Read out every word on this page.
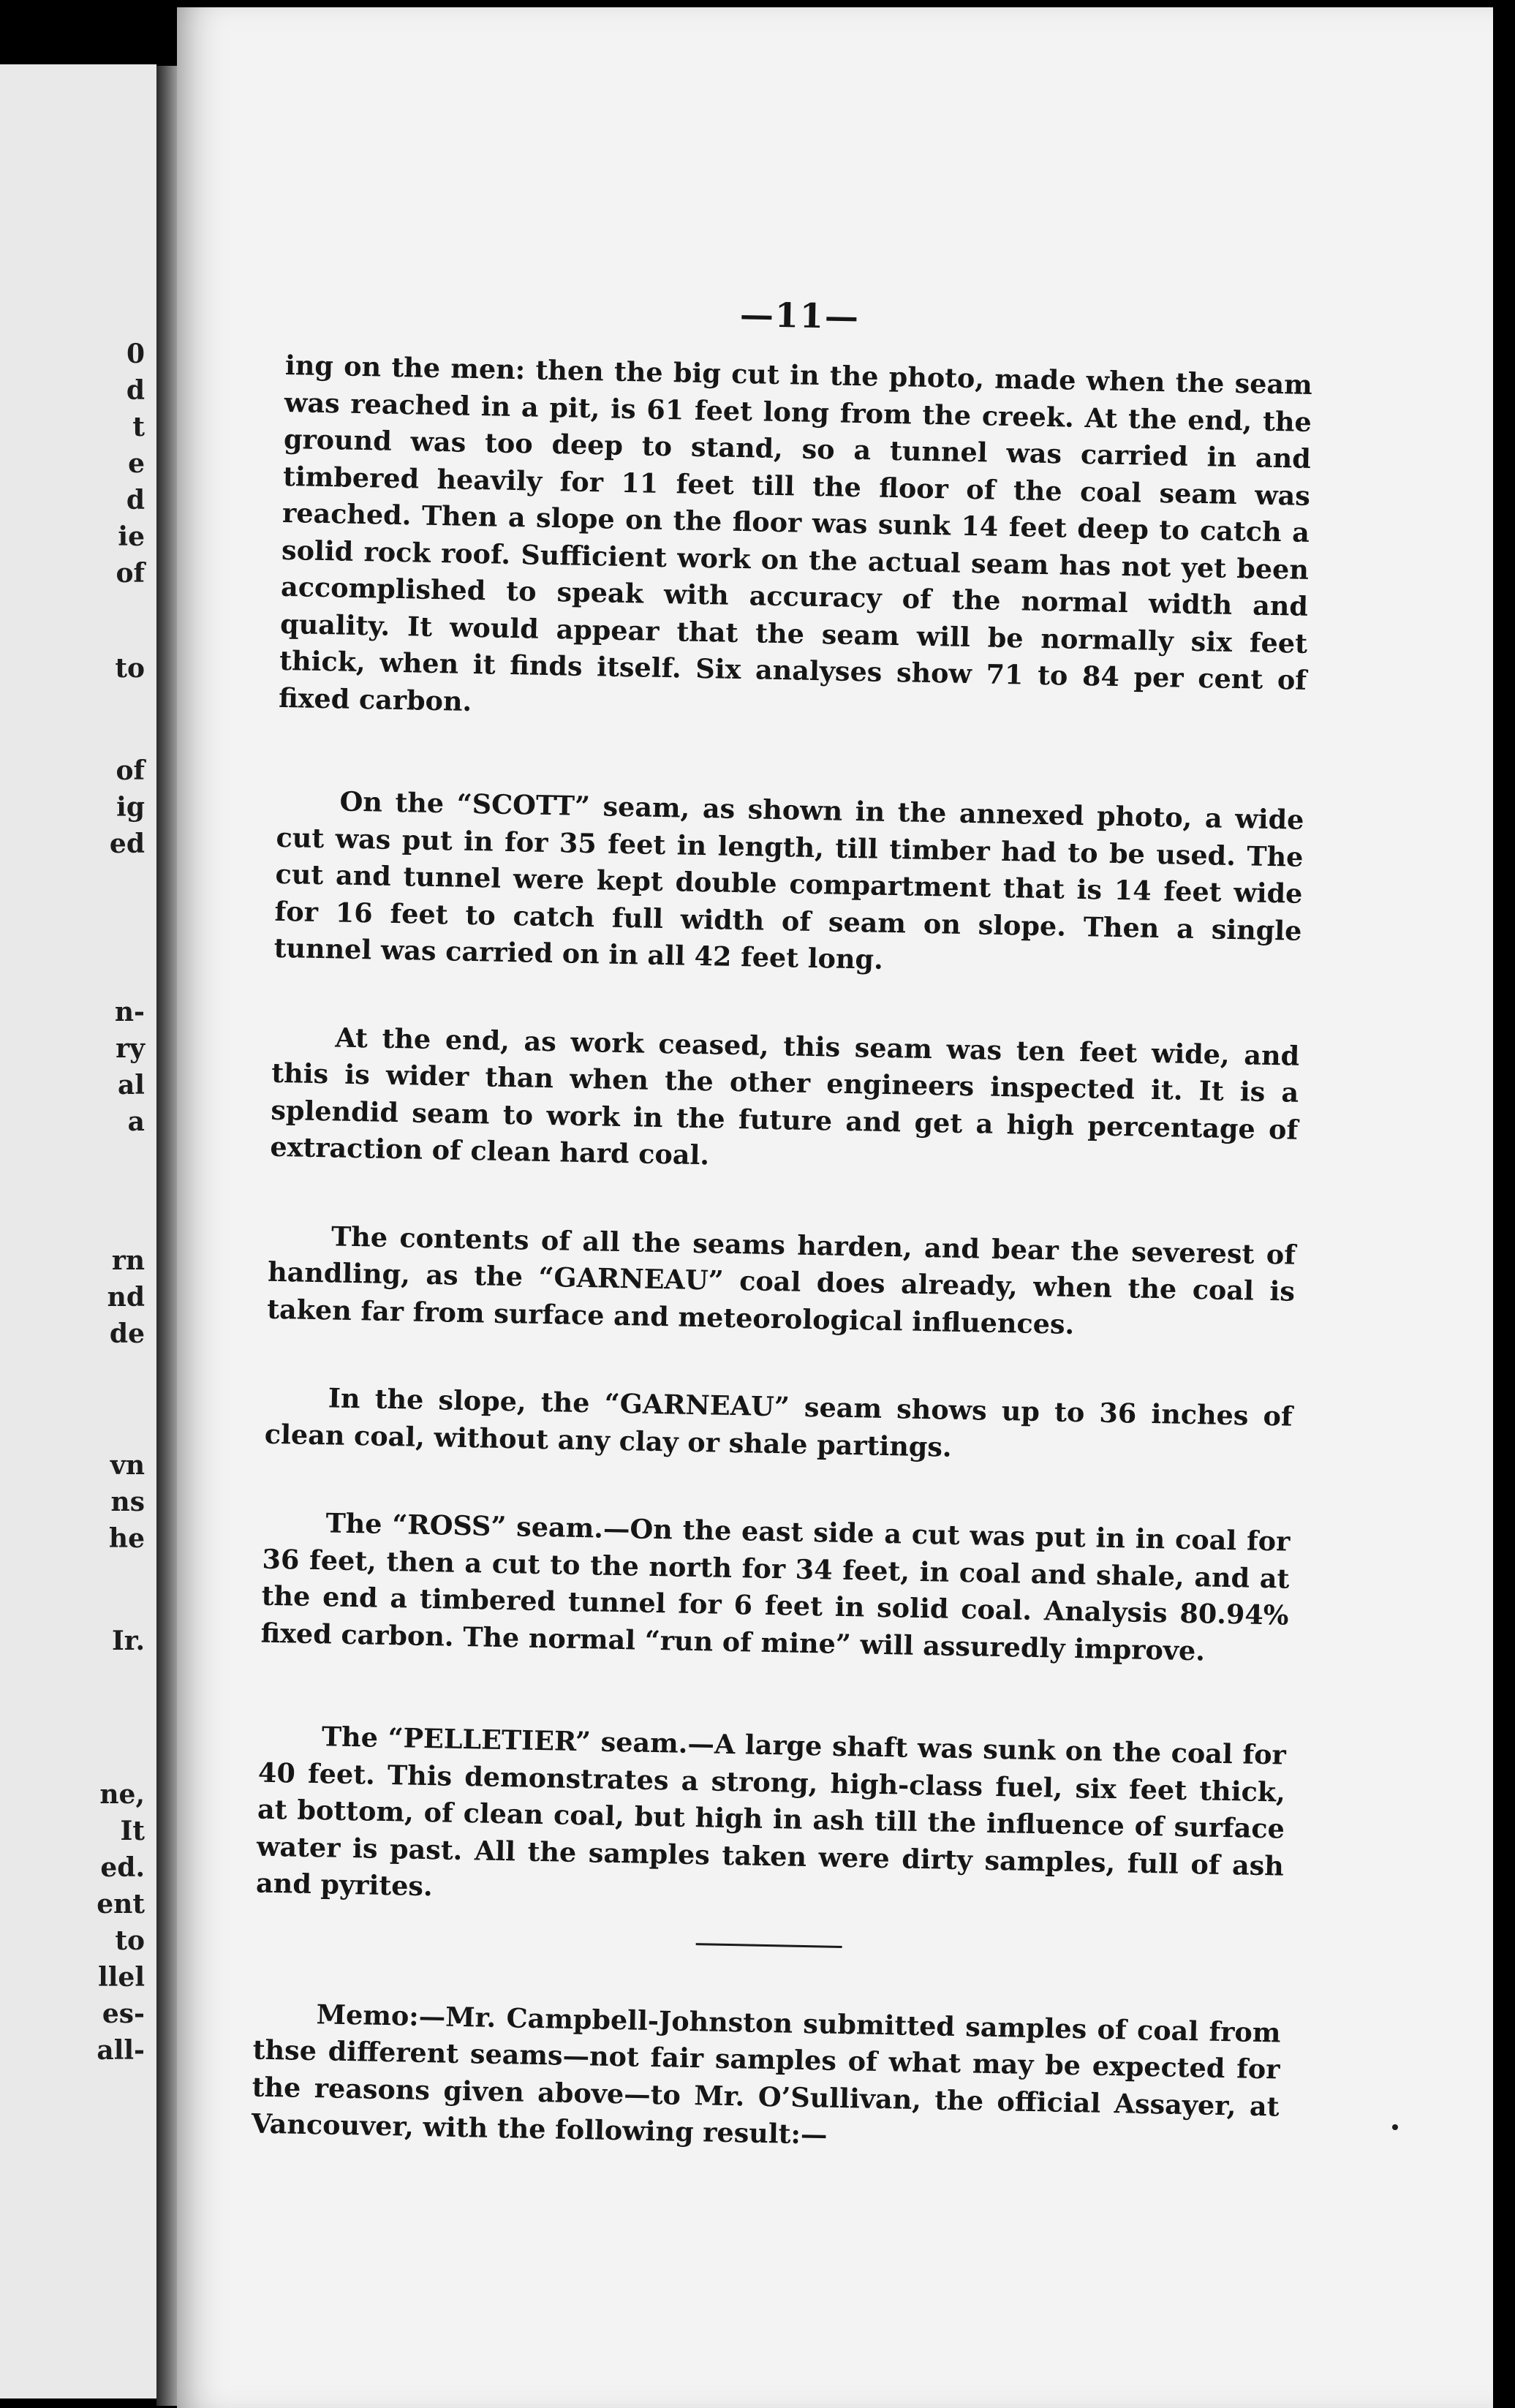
0
d
t
e
d
ie
of
to
of
ig
ed
n-
ry
al
a
rn
nd
de
vn
ns
he
Ir.
ne,
It
ed.
ent
to
llel
es-
all-
—11—

ing on the men: then the big cut in the photo, made when the seam was reached in a pit, is 61 feet long from the creek. At the end, the ground was too deep to stand, so a tunnel was carried in and timbered heavily for 11 feet till the floor of the coal seam was reached. Then a slope on the floor was sunk 14 feet deep to catch a solid rock roof. Sufficient work on the actual seam has not yet been accomplished to speak with accuracy of the normal width and quality. It would appear that the seam will be normally six feet thick, when it finds itself. Six analyses show 71 to 84 per cent of fixed carbon.

On the “SCOTT” seam, as shown in the annexed photo, a wide cut was put in for 35 feet in length, till timber had to be used. The cut and tunnel were kept double compartment that is 14 feet wide for 16 feet to catch full width of seam on slope. Then a single tunnel was carried on in all 42 feet long.

At the end, as work ceased, this seam was ten feet wide, and this is wider than when the other engineers inspected it. It is a splendid seam to work in the future and get a high percentage of extraction of clean hard coal.

The contents of all the seams harden, and bear the severest of handling, as the “GARNEAU” coal does already, when the coal is taken far from surface and meteorological influences.

In the slope, the “GARNEAU” seam shows up to 36 inches of clean coal, without any clay or shale partings.

The “ROSS” seam.—On the east side a cut was put in in coal for 36 feet, then a cut to the north for 34 feet, in coal and shale, and at the end a timbered tunnel for 6 feet in solid coal. Analysis 80.94% fixed carbon. The normal “run of mine” will assuredly improve.

The “PELLETIER” seam.—A large shaft was sunk on the coal for 40 feet. This demonstrates a strong, high-class fuel, six feet thick, at bottom, of clean coal, but high in ash till the influence of surface water is past. All the samples taken were dirty samples, full of ash and pyrites.

Memo:—Mr. Campbell-Johnston submitted samples of coal from thse different seams—not fair samples of what may be expected for the reasons given above—to Mr. O’Sullivan, the official Assayer, at Vancouver, with the following result:—
